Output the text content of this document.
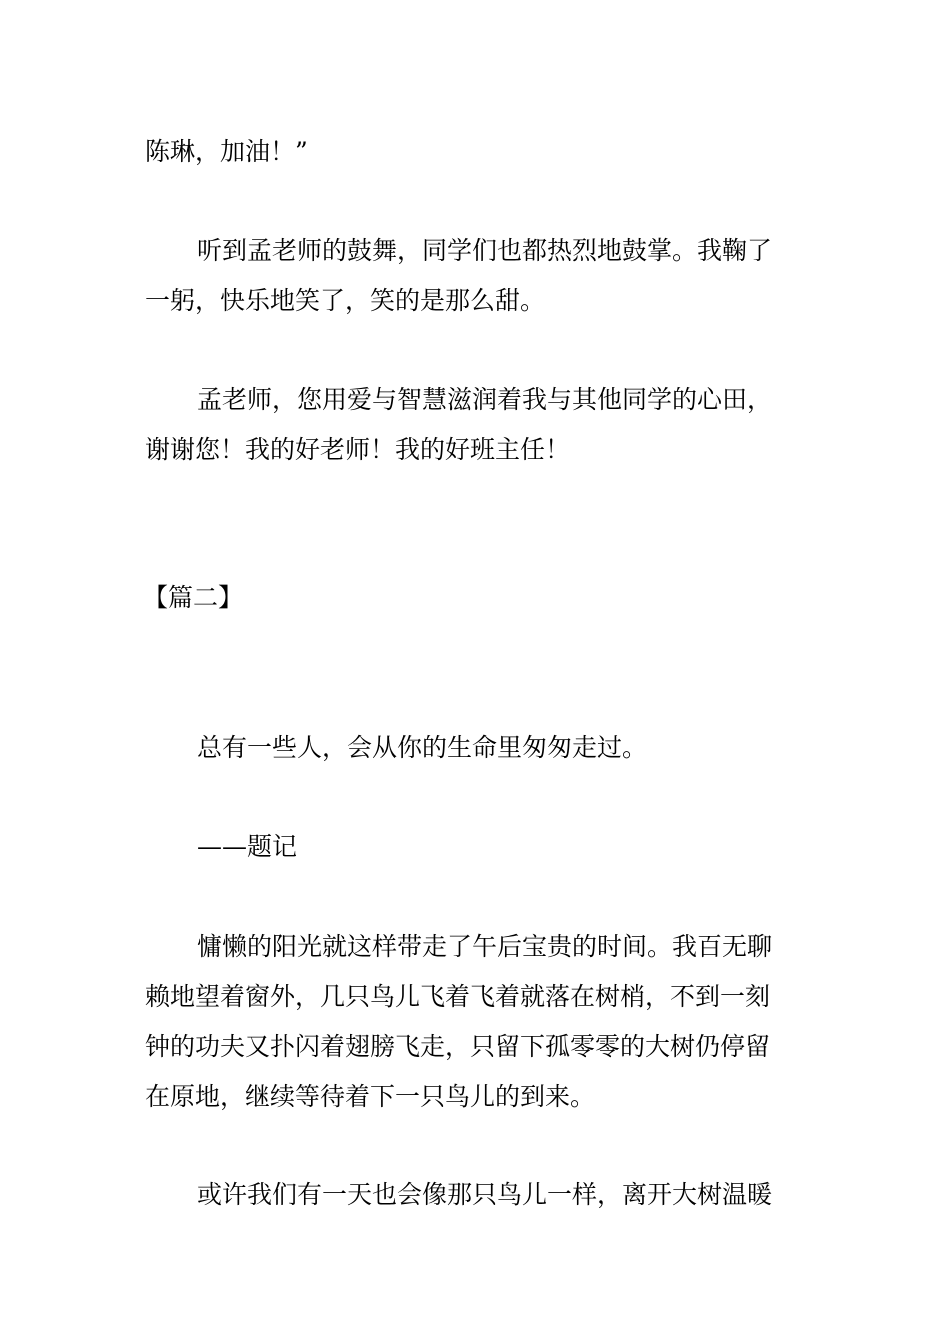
陈琳，加油！”
听到孟老师的鼓舞，同学们也都热烈地鼓掌。我鞠了
一躬，快乐地笑了，笑的是那么甜。
孟老师，您用爱与智慧滋润着我与其他同学的心田，
谢谢您！我的好老师！我的好班主任！
【篇二】
总有一些人，会从你的生命里匆匆走过。
——题记
慵懒的阳光就这样带走了午后宝贵的时间。我百无聊
赖地望着窗外，几只鸟儿飞着飞着就落在树梢，不到一刻
钟的功夫又扑闪着翅膀飞走，只留下孤零零的大树仍停留
在原地，继续等待着下一只鸟儿的到来。
或许我们有一天也会像那只鸟儿一样，离开大树温暖
